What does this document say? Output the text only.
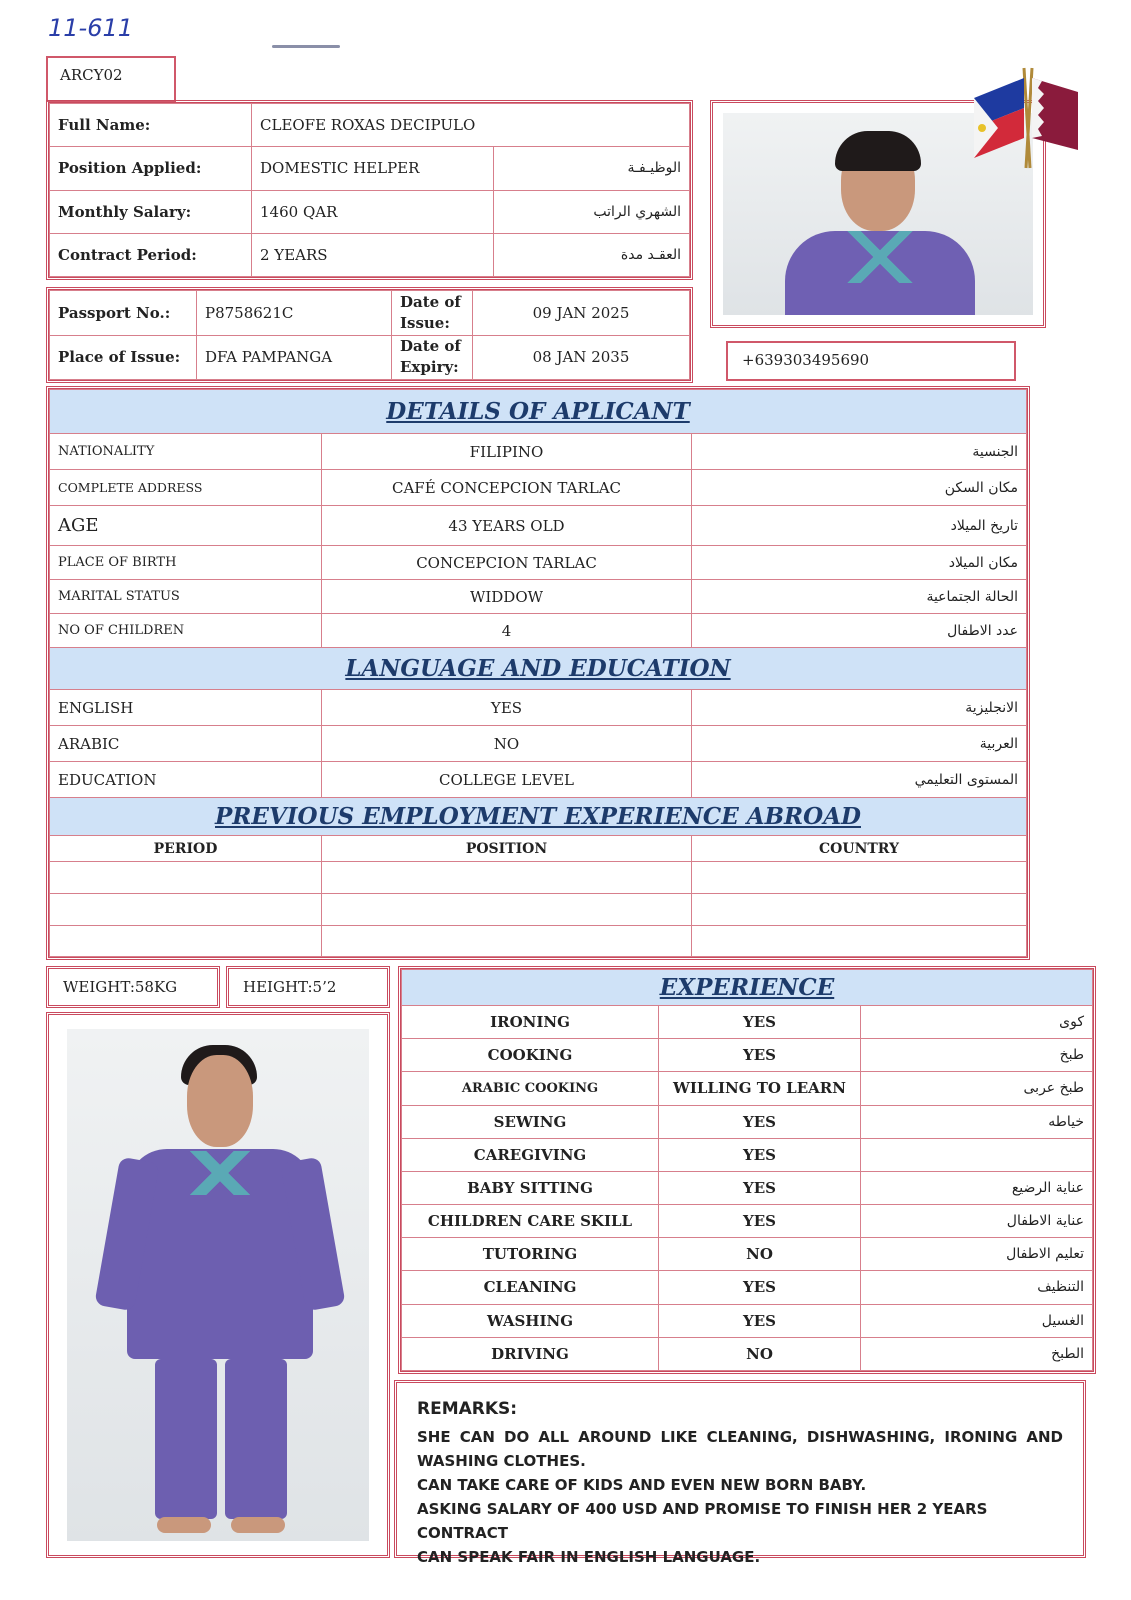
11-611
ARCY02
Full Name:	CLEOFE ROXAS DECIPULO	
Position Applied:	DOMESTIC HELPER	الوظيـفـة
Monthly Salary:	1460 QAR	الشهري الراتب
Contract Period:	2 YEARS	العقـد مدة
Passport No.:	P8758621C	Date of Issue:	09 JAN 2025
Place of Issue:	DFA PAMPANGA	Date of Expiry:	08 JAN 2035	+639303495690
DETAILS OF APLICANT		
NATIONALITY	FILIPINO	الجنسية
COMPLETE ADDRESS	CAFÉ CONCEPCION TARLAC	مكان السكن
AGE	43 YEARS OLD	تاريخ الميلاد
PLACE OF BIRTH	CONCEPCION TARLAC	مكان الميلاد
MARITAL STATUS	WIDDOW	الحالة الجتماعية
NO OF CHILDREN	4	عدد الاطفال
LANGUAGE AND EDUCATION		
ENGLISH	YES	الانجليزية
ARABIC	NO	العربية
EDUCATION	COLLEGE LEVEL	المستوى التعليمي
PREVIOUS EMPLOYMENT EXPERIENCE ABROAD		
PERIOD	POSITION	COUNTRY

WEIGHT:58KG	HEIGHT:5’2	EXPERIENCE		
IRONING	YES	كوى
COOKING	YES	طبخ
ARABIC COOKING	WILLING TO LEARN	طبخ عربى
SEWING	YES	خياطه
CAREGIVING	YES	
BABY SITTING	YES	عناية الرضيع
CHILDREN CARE SKILL	YES	عناية الاطفال
TUTORING	NO	تعليم الاطفال
CLEANING	YES	التنظيف
WASHING	YES	الغسيل
DRIVING	NO	الطبخ
REMARKS:
SHE CAN DO ALL AROUND LIKE CLEANING, DISHWASHING, IRONING AND WASHING CLOTHES.
CAN TAKE CARE OF KIDS AND EVEN NEW BORN BABY.
ASKING SALARY OF 400 USD AND PROMISE TO FINISH HER 2 YEARS CONTRACT
CAN SPEAK FAIR IN ENGLISH LANGUAGE.
